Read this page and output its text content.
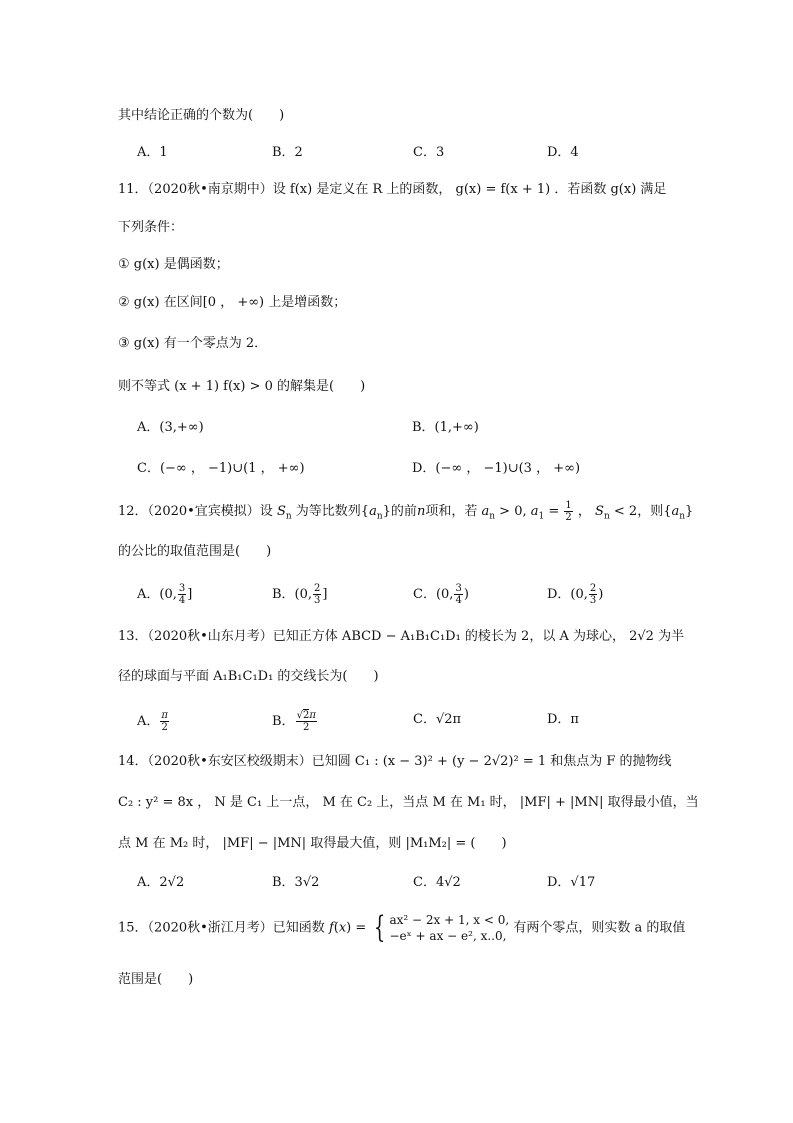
其中结论正确的个数为(　　)
A．1	B．2	C．3	D．4
11．（2020秋•南京期中）设 f(x) 是定义在 R 上的函数， g(x) = f(x + 1) ．若函数 g(x) 满足
下列条件：
① g(x) 是偶函数；
② g(x) 在区间[0 ， +∞) 上是增函数；
③ g(x) 有一个零点为 2．
则不等式 (x + 1) f(x) > 0 的解集是(　　)
A．(3,+∞)	B．(1,+∞)
C．(−∞ ， −1)∪(1 ， +∞)	D．(−∞ ， −1)∪(3 ， +∞)
12．（2020•宜宾模拟）设 $S_n$ 为等比数列$\{a_n\}$的前n项和，若 $a_n > 0$, $a_1 = \frac{1}{2}$ ， $S_n < 2$，则$\{a_n\}$
的公比的取值范围是(　　)
A．(0, $\frac{3}{4}$ ]	B．(0, $\frac{2}{3}$ ]	C．(0, $\frac{3}{4}$ )	D．(0, $\frac{2}{3}$ )
13．（2020秋•山东月考）已知正方体 ABCD − A₁B₁C₁D₁ 的棱长为 2，以 A 为球心， 2√2 为半
径的球面与平面 A₁B₁C₁D₁ 的交线长为(　　)
A． $\frac{\pi}{2}$	B． $\frac{√2\pi}{2}$	C．√2π	D．π
14．（2020秋•东安区校级期末）已知圆 C₁ : (x − 3)² + (y − 2√2)² = 1 和焦点为 F 的抛物线
C₂ : y² = 8x ， N 是 C₁ 上一点， M 在 C₂ 上，当点 M 在 M₁ 时， |MF| + |MN| 取得最小值，当
点 M 在 M₂ 时， |MF| − |MN| 取得最大值，则 |M₁M₂| = (　　)
A．2√2	B．3√2	C．4√2	D．√17
15．（2020秋•浙江月考）已知函数 f(x) = { ax² − 2x + 1, x < 0,
−eˣ + ax − e², x..0,
有两个零点，则实数 a 的取值
范围是(　　)
